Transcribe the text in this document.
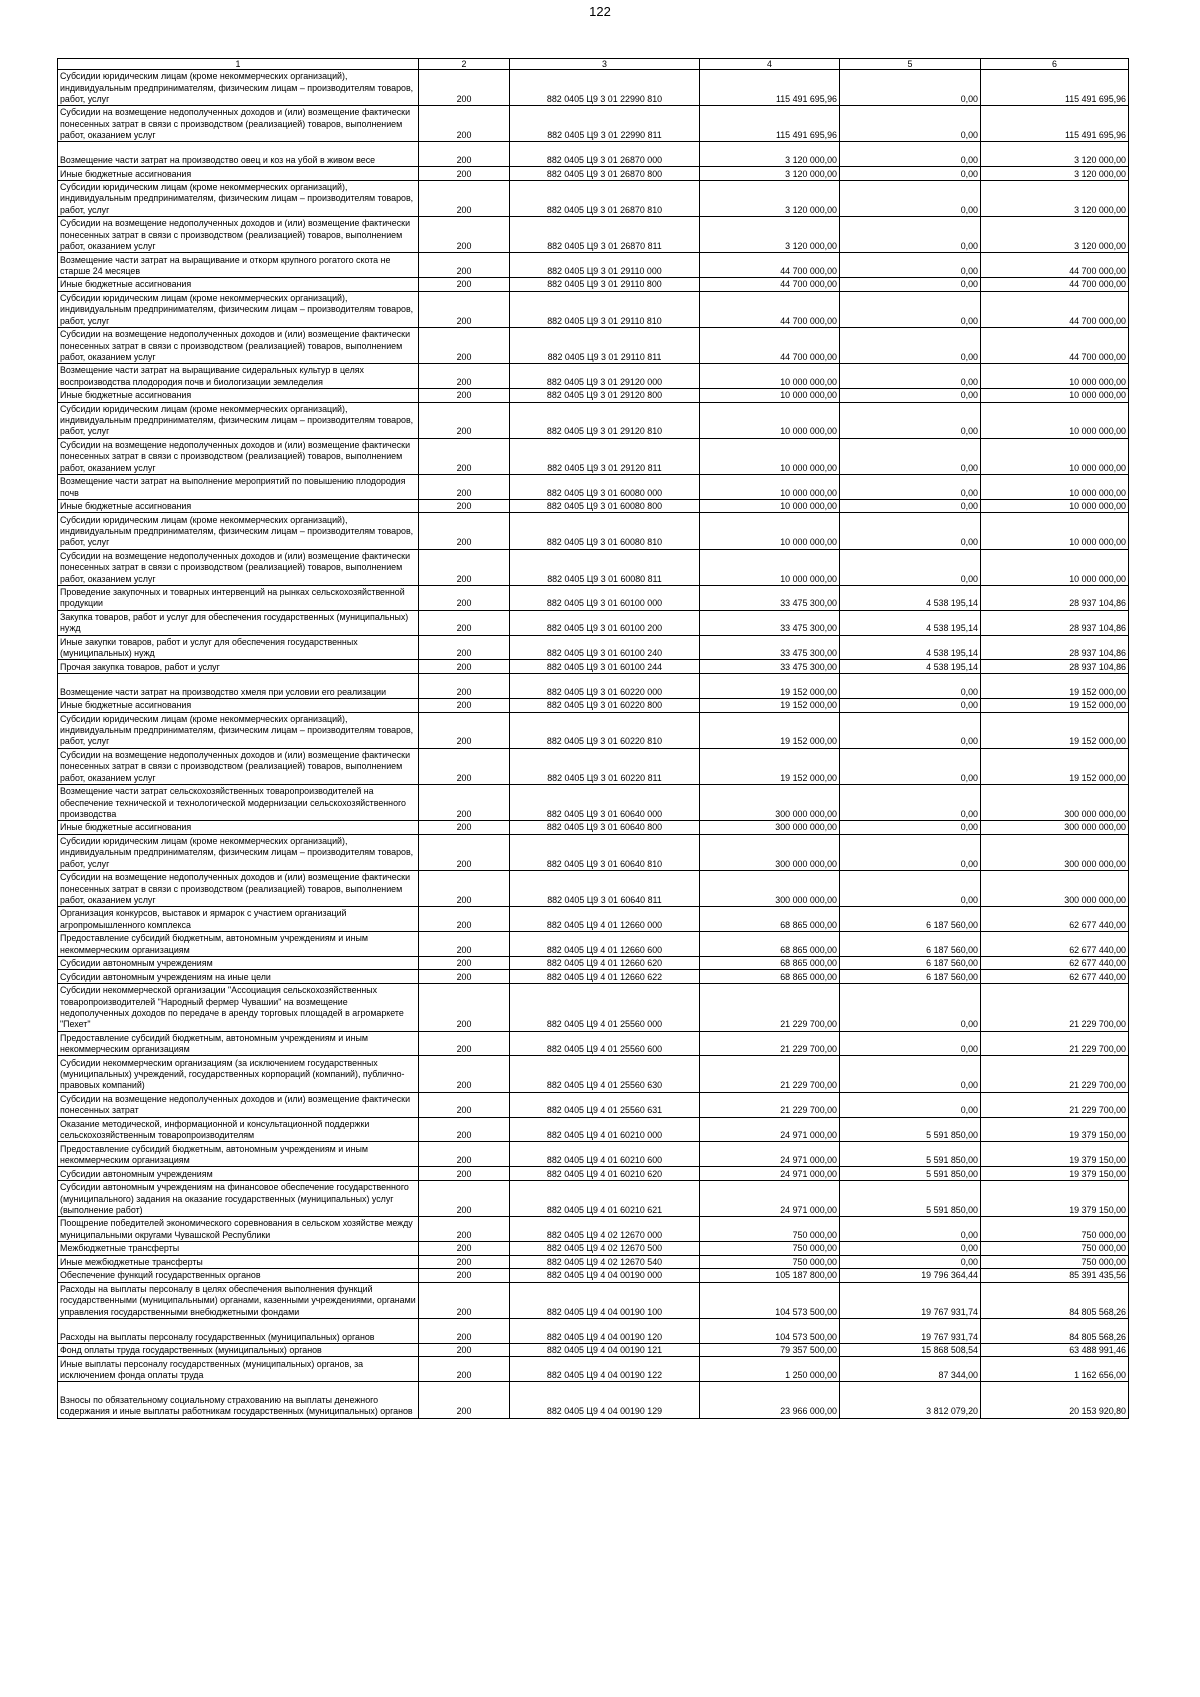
122
1	2	3	4	5	6
Субсидии юридическим лицам (кроме некоммерческих организаций), индивидуальным предпринимателям, физическим лицам – производителям товаров, работ, услуг	200	882 0405 Ц9 3 01 22990 810	115 491 695,96	0,00	115 491 695,96
Субсидии на возмещение недополученных доходов и (или) возмещение фактически понесенных затрат в связи с производством (реализацией) товаров, выполнением работ, оказанием услуг	200	882 0405 Ц9 3 01 22990 811	115 491 695,96	0,00	115 491 695,96
Возмещение части затрат на производство овец и коз на убой в живом весе	200	882 0405 Ц9 3 01 26870 000	3 120 000,00	0,00	3 120 000,00
Иные бюджетные ассигнования	200	882 0405 Ц9 3 01 26870 800	3 120 000,00	0,00	3 120 000,00
Субсидии юридическим лицам (кроме некоммерческих организаций), индивидуальным предпринимателям, физическим лицам – производителям товаров, работ, услуг	200	882 0405 Ц9 3 01 26870 810	3 120 000,00	0,00	3 120 000,00
Субсидии на возмещение недополученных доходов и (или) возмещение фактически понесенных затрат в связи с производством (реализацией) товаров, выполнением работ, оказанием услуг	200	882 0405 Ц9 3 01 26870 811	3 120 000,00	0,00	3 120 000,00
Возмещение части затрат на выращивание и откорм крупного рогатого скота не старше 24 месяцев	200	882 0405 Ц9 3 01 29110 000	44 700 000,00	0,00	44 700 000,00
Иные бюджетные ассигнования	200	882 0405 Ц9 3 01 29110 800	44 700 000,00	0,00	44 700 000,00
Субсидии юридическим лицам (кроме некоммерческих организаций), индивидуальным предпринимателям, физическим лицам – производителям товаров, работ, услуг	200	882 0405 Ц9 3 01 29110 810	44 700 000,00	0,00	44 700 000,00
Субсидии на возмещение недополученных доходов и (или) возмещение фактически понесенных затрат в связи с производством (реализацией) товаров, выполнением работ, оказанием услуг	200	882 0405 Ц9 3 01 29110 811	44 700 000,00	0,00	44 700 000,00
Возмещение части затрат на выращивание сидеральных культур в целях воспроизводства плодородия почв и биологизации земледелия	200	882 0405 Ц9 3 01 29120 000	10 000 000,00	0,00	10 000 000,00
Иные бюджетные ассигнования	200	882 0405 Ц9 3 01 29120 800	10 000 000,00	0,00	10 000 000,00
Субсидии юридическим лицам (кроме некоммерческих организаций), индивидуальным предпринимателям, физическим лицам – производителям товаров, работ, услуг	200	882 0405 Ц9 3 01 29120 810	10 000 000,00	0,00	10 000 000,00
Субсидии на возмещение недополученных доходов и (или) возмещение фактически понесенных затрат в связи с производством (реализацией) товаров, выполнением работ, оказанием услуг	200	882 0405 Ц9 3 01 29120 811	10 000 000,00	0,00	10 000 000,00
Возмещение части затрат на выполнение мероприятий по повышению плодородия почв	200	882 0405 Ц9 3 01 60080 000	10 000 000,00	0,00	10 000 000,00
Иные бюджетные ассигнования	200	882 0405 Ц9 3 01 60080 800	10 000 000,00	0,00	10 000 000,00
Субсидии юридическим лицам (кроме некоммерческих организаций), индивидуальным предпринимателям, физическим лицам – производителям товаров, работ, услуг	200	882 0405 Ц9 3 01 60080 810	10 000 000,00	0,00	10 000 000,00
Субсидии на возмещение недополученных доходов и (или) возмещение фактически понесенных затрат в связи с производством (реализацией) товаров, выполнением работ, оказанием услуг	200	882 0405 Ц9 3 01 60080 811	10 000 000,00	0,00	10 000 000,00
Проведение закупочных и товарных интервенций на рынках сельскохозяйственной продукции	200	882 0405 Ц9 3 01 60100 000	33 475 300,00	4 538 195,14	28 937 104,86
Закупка товаров, работ и услуг для обеспечения государственных (муниципальных) нужд	200	882 0405 Ц9 3 01 60100 200	33 475 300,00	4 538 195,14	28 937 104,86
Иные закупки товаров, работ и услуг для обеспечения государственных (муниципальных) нужд	200	882 0405 Ц9 3 01 60100 240	33 475 300,00	4 538 195,14	28 937 104,86
Прочая закупка товаров, работ и услуг	200	882 0405 Ц9 3 01 60100 244	33 475 300,00	4 538 195,14	28 937 104,86
Возмещение части затрат на производство хмеля при условии его реализации	200	882 0405 Ц9 3 01 60220 000	19 152 000,00	0,00	19 152 000,00
Иные бюджетные ассигнования	200	882 0405 Ц9 3 01 60220 800	19 152 000,00	0,00	19 152 000,00
Субсидии юридическим лицам (кроме некоммерческих организаций), индивидуальным предпринимателям, физическим лицам – производителям товаров, работ, услуг	200	882 0405 Ц9 3 01 60220 810	19 152 000,00	0,00	19 152 000,00
Субсидии на возмещение недополученных доходов и (или) возмещение фактически понесенных затрат в связи с производством (реализацией) товаров, выполнением работ, оказанием услуг	200	882 0405 Ц9 3 01 60220 811	19 152 000,00	0,00	19 152 000,00
Возмещение части затрат сельскохозяйственных товаропроизводителей на обеспечение технической и технологической модернизации сельскохозяйственного производства	200	882 0405 Ц9 3 01 60640 000	300 000 000,00	0,00	300 000 000,00
Иные бюджетные ассигнования	200	882 0405 Ц9 3 01 60640 800	300 000 000,00	0,00	300 000 000,00
Субсидии юридическим лицам (кроме некоммерческих организаций), индивидуальным предпринимателям, физическим лицам – производителям товаров, работ, услуг	200	882 0405 Ц9 3 01 60640 810	300 000 000,00	0,00	300 000 000,00
Субсидии на возмещение недополученных доходов и (или) возмещение фактически понесенных затрат в связи с производством (реализацией) товаров, выполнением работ, оказанием услуг	200	882 0405 Ц9 3 01 60640 811	300 000 000,00	0,00	300 000 000,00
Организация конкурсов, выставок и ярмарок с участием организаций агропромышленного комплекса	200	882 0405 Ц9 4 01 12660 000	68 865 000,00	6 187 560,00	62 677 440,00
Предоставление субсидий бюджетным, автономным учреждениям и иным некоммерческим организациям	200	882 0405 Ц9 4 01 12660 600	68 865 000,00	6 187 560,00	62 677 440,00
Субсидии автономным учреждениям	200	882 0405 Ц9 4 01 12660 620	68 865 000,00	6 187 560,00	62 677 440,00
Субсидии автономным учреждениям на иные цели	200	882 0405 Ц9 4 01 12660 622	68 865 000,00	6 187 560,00	62 677 440,00
Субсидии некоммерческой организации "Ассоциация сельскохозяйственных товаропроизводителей "Народный фермер Чувашии" на возмещение недополученных доходов по передаче в аренду торговых площадей в агромаркете "Пехет"	200	882 0405 Ц9 4 01 25560 000	21 229 700,00	0,00	21 229 700,00
Предоставление субсидий бюджетным, автономным учреждениям и иным некоммерческим организациям	200	882 0405 Ц9 4 01 25560 600	21 229 700,00	0,00	21 229 700,00
Субсидии некоммерческим организациям (за исключением государственных (муниципальных) учреждений, государственных корпораций (компаний), публично-правовых компаний)	200	882 0405 Ц9 4 01 25560 630	21 229 700,00	0,00	21 229 700,00
Субсидии на возмещение недополученных доходов и (или) возмещение фактически понесенных затрат	200	882 0405 Ц9 4 01 25560 631	21 229 700,00	0,00	21 229 700,00
Оказание методической, информационной и консультационной поддержки сельскохозяйственным товаропроизводителям	200	882 0405 Ц9 4 01 60210 000	24 971 000,00	5 591 850,00	19 379 150,00
Предоставление субсидий бюджетным, автономным учреждениям и иным некоммерческим организациям	200	882 0405 Ц9 4 01 60210 600	24 971 000,00	5 591 850,00	19 379 150,00
Субсидии автономным учреждениям	200	882 0405 Ц9 4 01 60210 620	24 971 000,00	5 591 850,00	19 379 150,00
Субсидии автономным учреждениям на финансовое обеспечение государственного (муниципального) задания на оказание государственных (муниципальных) услуг (выполнение работ)	200	882 0405 Ц9 4 01 60210 621	24 971 000,00	5 591 850,00	19 379 150,00
Поощрение победителей экономического соревнования в сельском хозяйстве между муниципальными округами Чувашской Республики	200	882 0405 Ц9 4 02 12670 000	750 000,00	0,00	750 000,00
Межбюджетные трансферты	200	882 0405 Ц9 4 02 12670 500	750 000,00	0,00	750 000,00
Иные межбюджетные трансферты	200	882 0405 Ц9 4 02 12670 540	750 000,00	0,00	750 000,00
Обеспечение функций государственных органов	200	882 0405 Ц9 4 04 00190 000	105 187 800,00	19 796 364,44	85 391 435,56
Расходы на выплаты персоналу в целях обеспечения выполнения функций государственными (муниципальными) органами, казенными учреждениями, органами управления государственными внебюджетными фондами	200	882 0405 Ц9 4 04 00190 100	104 573 500,00	19 767 931,74	84 805 568,26
Расходы на выплаты персоналу государственных (муниципальных) органов	200	882 0405 Ц9 4 04 00190 120	104 573 500,00	19 767 931,74	84 805 568,26
Фонд оплаты труда государственных (муниципальных) органов	200	882 0405 Ц9 4 04 00190 121	79 357 500,00	15 868 508,54	63 488 991,46
Иные выплаты персоналу государственных (муниципальных) органов, за исключением фонда оплаты труда	200	882 0405 Ц9 4 04 00190 122	1 250 000,00	87 344,00	1 162 656,00
Взносы по обязательному социальному страхованию на выплаты денежного содержания и иные выплаты работникам государственных (муниципальных) органов	200	882 0405 Ц9 4 04 00190 129	23 966 000,00	3 812 079,20	20 153 920,80
